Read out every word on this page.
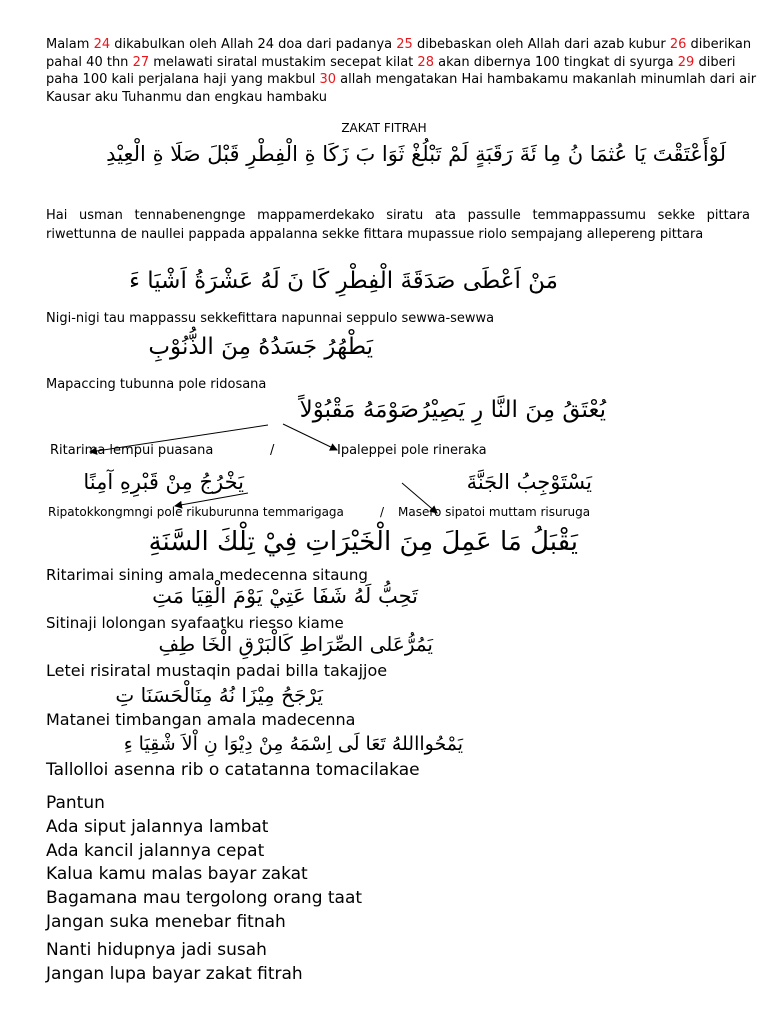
Malam 24 dikabulkan oleh Allah 24 doa dari padanya 25 dibebaskan oleh Allah dari azab kubur 26 diberikan pahal 40 thn 27 melawati siratal mustakim secepat kilat 28 akan dibernya 100 tingkat di syurga 29 diberi paha 100 kali perjalana haji yang makbul 30 allah mengatakan Hai hambakamu makanlah minumlah dari air Kausar aku Tuhanmu dan engkau hambaku
ZAKAT FITRAH
لَوْأَعْتَقْتَ يَا عُثمَا نُ مِا ئَةَ رَقَبَةٍ لَمْ تَبْلُغْ ثَوَا بَ زَكَا ةِ الْفِطْرِ قَبْلَ صَلَا ةِ الْعِيْدِ
Hai usman tennabenengnge mappamerdekako siratu ata passulle temmappassumu sekke pittara riwettunna de naullei pappada appalanna sekke fittara mupassue riolo sempajang allepereng pittara
مَنْ اَعْطَى صَدَقَةَ الْفِطْرِ كَا نَ لَهُ عَشْرَةُ اَشْيَا ءَ
Nigi-nigi tau mappassu sekkefittara napunnai seppulo sewwa-sewwa
يَطْهُرُ جَسَدُهُ مِنَ الذُّنُوْبِ
Mapaccing tubunna pole ridosana
يُعْتَقُ مِنَ النَّا رِ يَصِيْرُصَوْمَهُ مَقْبُوْلاً
Ritarima lempui puasana	/	Ipaleppei pole rineraka
يَخْرُجُ مِنْ قَبْرِهِ آمِنًا	يَسْتَوْجِبُ الجَنَّةَ
Ripatokkongmngi pole rikuburunna temmarigaga	/ Masero sipatoi muttam risuruga
يَقْبَلُ مَا عَمِلَ مِنَ الْخَيْرَاتِ فِيْ تِلْكَ السَّنَةِ
Ritarimai sining amala medecenna sitaung
تَحِبُّ لَهُ شَفَا عَتِيْ يَوْمَ الْقِيَا مَتِ
Sitinaji lolongan syafaatku riesso kiame
يَمُرُّعَلى الصِّرَاطِ كَالْبَرْقِ الْخَا طِفِ
Letei risiratal mustaqin padai billa takajjoe
يَرْجَحُ مِيْزَا نُهُ مِنَالْحَسَنَا تِ
Matanei timbangan amala madecenna
يَمْحُوااللهُ تَعَا لَى اِسْمَهُ مِنْ دِيْوَا نِ اْلاَ شْقِيَا ءِ
Tallolloi asenna rib o catatanna tomacilakae
Pantun
Ada siput jalannya lambat
Ada kancil jalannya cepat
Kalua kamu malas bayar zakat
Bagamana mau tergolong orang taat
Jangan suka menebar fitnah
Nanti hidupnya jadi susah
Jangan lupa bayar zakat fitrah
